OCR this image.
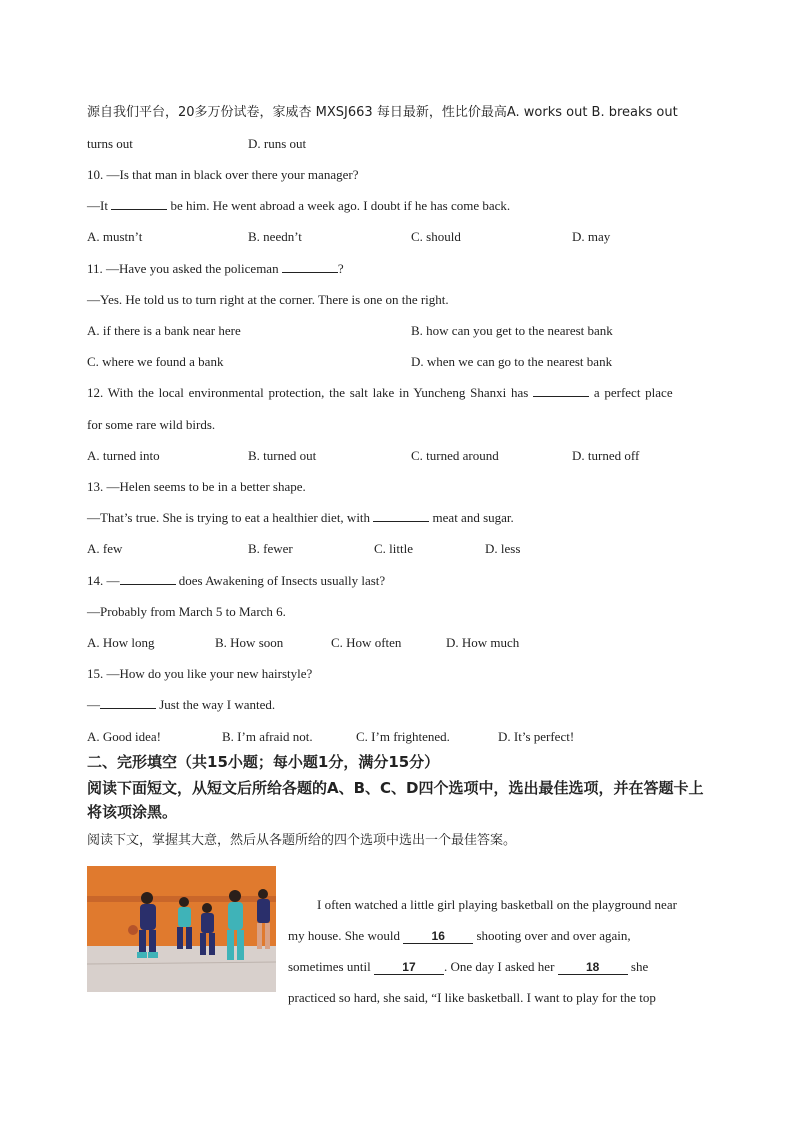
源自我们平台，20多万份试卷，家威杏 MXSJ663 每日最新，性比价最高A. works out B. breaks out
turns out	D. runs out
10. —Is that man in black over there your manager?
—It	be him. He went abroad a week ago. I doubt if he has come back.
A. mustn’t	B. needn’t	C. should	D. may
11. —Have you asked the policeman	?
—Yes. He told us to turn right at the corner. There is one on the right.
A. if there is a bank near here	B. how can you get to the nearest bank
C. where we found a bank	D. when we can go to the nearest bank
12. With the local environmental protection, the salt lake in Yuncheng Shanxi has	a perfect place
for some rare wild birds.
A. turned into	B. turned out	C. turned around	D. turned off
13. —Helen seems to be in a better shape.
—That’s true. She is trying to eat a healthier diet, with	meat and sugar.
A. few	B. fewer	C. little	D. less
14. —	does Awakening of Insects usually last?
—Probably from March 5 to March 6.
A. How long	B. How soon	C. How often	D. How much
15. —How do you like your new hairstyle?
—	Just the way I wanted.
A. Good idea!	B. I’m afraid not.	C. I’m frightened.	D. It’s perfect!
二、完形填空（共15小题；每小题1分，满分15分）
阅读下面短文，从短文后所给各题的A、B、C、D四个选项中，选出最佳选项，并在答题卡上将该项涂黑。
阅读下文，掌握其大意，然后从各题所给的四个选项中选出一个最佳答案。
I often watched a little girl playing basketball on the playground near
my house. She would 16 shooting over and over again,
sometimes until 17 . One day I asked her 18 she
practiced so hard, she said, “I like basketball. I want to play for the top
